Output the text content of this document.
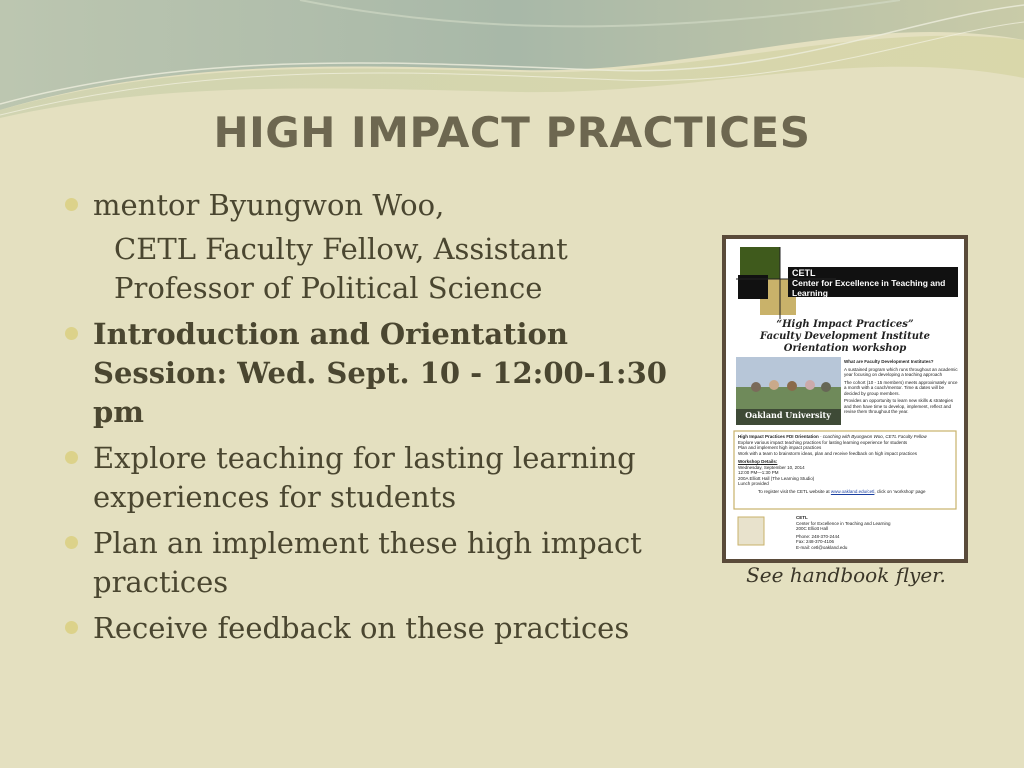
HIGH IMPACT PRACTICES
mentor Byungwon Woo,
CETL Faculty Fellow, Assistant Professor of Political Science
Introduction and Orientation Session: Wed. Sept. 10 - 12:00-1:30 pm
Explore teaching for lasting learning experiences for students
Plan an implement these high impact practices
Receive feedback on these practices
CETL
Center for Excellence in Teaching and Learning
“High Impact Practices”
Faculty Development Institute Orientation workshop
Oakland University
What are Faculty Development Institutes?
A sustained program which runs throughout an academic year focusing on developing a teaching approach
The cohort (10 - 15 members) meets approximately once a month with a coach/mentor. Time & dates will be decided by group members.
Provides an opportunity to learn new skills & strategies and then have time to develop, implement, reflect and revise them throughout the year.
High Impact Practices FDI Orientation - coaching with Byungwon Woo, CETL Faculty Fellow
Explore various impact teaching practices for lasting learning experience for students
Plan and implement high impact practices
Work with a team to brainstorm ideas, plan and receive feedback on high impact practices
Workshop Details:
Wednesday, September 10, 2014
12:00 PM—1:30 PM
200A Elliott Hall (The Learning Studio)
Lunch provided
To register visit the CETL website at www.oakland.edu/cetl, click on ‘workshop’ page
CETL
Center for Excellence in Teaching and Learning
200C Elliott Hall
Phone: 248-370-2444
Fax: 248-370-4106
E-mail: cetl@oakland.edu
See handbook flyer.
